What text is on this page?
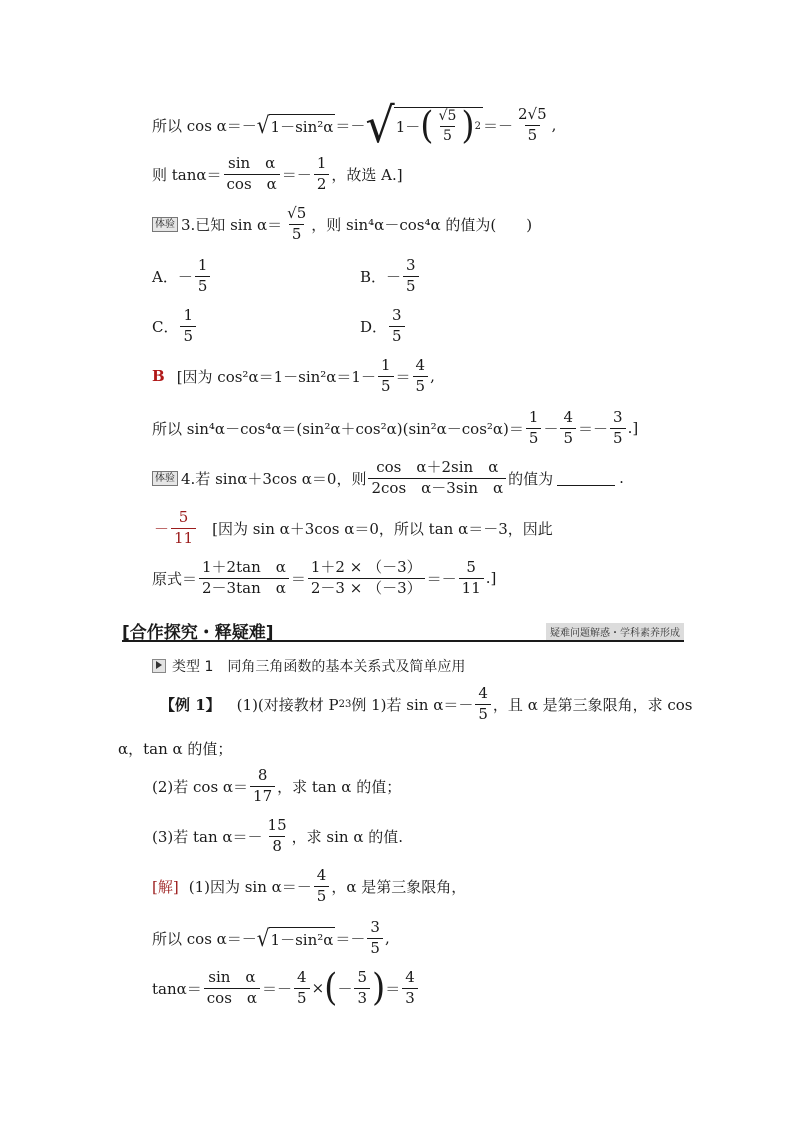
所以 cos α＝－ √ 1－sin²α ＝－ √ 1－ ( $\frac{√5}{5}$ ) $2 =- \frac{2√5}{5}$ ,
则 $\tan\alpha= \frac{\text{sin　α}}{\text{cos　α}} =- \frac{1}{2}$ ，故选 A.]
体验 3.已知 $\sin \alpha= \frac{√5}{5}$ ，则 sin⁴α－cos⁴α 的值为(　　)
A． － $\frac{1}{5}$	B． － $\frac{3}{5}$
C． $\frac{1}{5}$	D． $\frac{3}{5}$
B [因为 $\cos^2\alpha=1-\sin^2\alpha=1- \frac{1}{5} = \frac{4}{5}$ ,
所以 $\sin^4\alpha-\cos^4\alpha=(\sin^2\alpha+\cos^2\alpha)(\sin^2\alpha-\cos^2\alpha)= \frac{1}{5} - \frac{4}{5} =- \frac{3}{5}$ .]
体验 4.若 sinα＋3cos α＝0，则 $\frac{\text{cos　α＋2sin　α}}{\text{2cos　α－3sin　α}}$ 的值为	.
－ $\frac{5}{11}$ [因为 sin α＋3cos α＝0，所以 tan α＝－3，因此
原式＝ $\frac{\text{1＋2tan　α}}{\text{2－3tan　α}} = \frac{1+2 \times (-3)}{2-3 \times (-3)} =- \frac{5}{11}$ .]
[合作探究・释疑难]	疑难问题解惑・学科素养形成
类型 1　同角三角函数的基本关系式及简单应用
【例 1】 (1)(对接教材 P 23 例 1)若 $\sin \alpha=- \frac{4}{5}$ ，且 α 是第三象限角，求 cos
α，tan α 的值；
(2)若 $\cos \alpha= \frac{8}{17}$ ，求 tan α 的值；
(3)若 $\tan \alpha=- \frac{15}{8}$ ，求 sin α 的值.
[解] (1)因为 $\sin \alpha=- \frac{4}{5}$ ，α 是第三象限角，
所以 cos α＝－ √ $1-\sin^2\alpha =- \frac{3}{5}$ ,
$\tan\alpha= \frac{\text{sin　α}}{\text{cos　α}} =- \frac{4}{5}$ × ( － $\frac{5}{3}$ ) ＝ $\frac{4}{3}$
